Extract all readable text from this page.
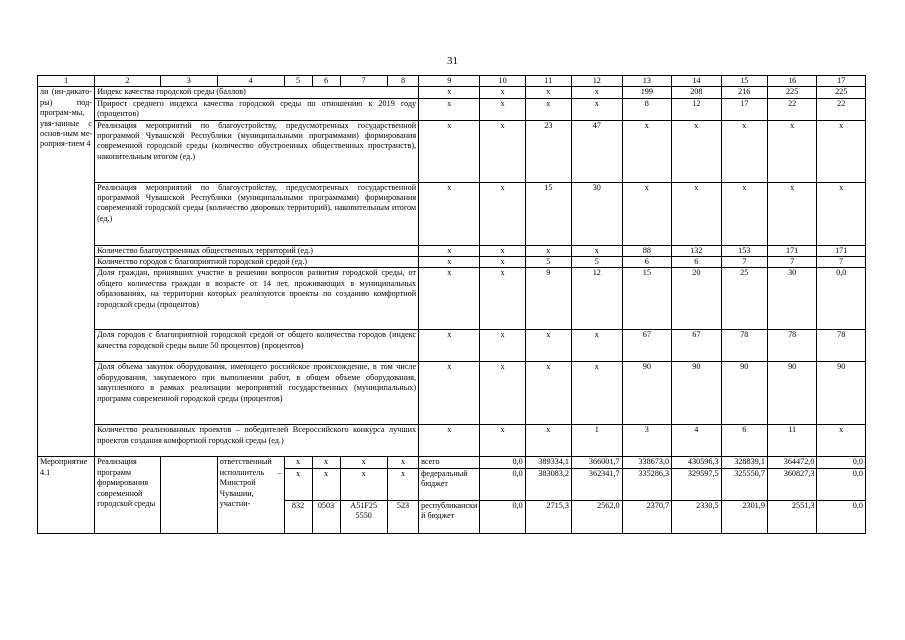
31
1	2	3	4	5	6	7	8	9	10	11	12	13	14	15	16	17
ли (ин-дикато-ры) под-програм-мы, увя-занные с основ-ным ме-роприя-тием 4	Индекс качества городской среды (баллов)							x	x	x	x	199	208	216	225	225
	Прирост среднего индекса качества городской среды по отношению к 2019 году (процентов)							x	x	x	x	8	12	17	22	22
	Реализация мероприятий по благоустройству, предусмотренных государственной программой Чувашской Республики (муниципальными программами) формирования современной городской среды (количество обустроенных общественных пространств), накопительным итогом (ед.)							x	x	23	47	x	x	x	x	x
	Реализация мероприятий по благоустройству, предусмотренных государственной программой Чувашской Республики (муниципальными программами) формирования современной городской среды (количество дворовых территорий), накопительным итогом (ед.)							x	x	15	30	x	x	x	x	x
	Количество благоустроенных общественных территорий (ед.)							x	x	x	x	88	132	153	171	171
	Количество городов с благоприятной городской средой (ед.)							x	x	5	5	6	6	7	7	7
	Доля граждан, принявших участие в решении вопросов развития городской среды, от общего количества граждан в возрасте от 14 лет, проживающих в муниципальных образованиях, на территории которых реализуются проекты по созданию комфортной городской среды (процентов)							x	x	9	12	15	20	25	30	0,0
	Доля городов с благоприятной городской средой от общего количества городов (индекс качества городской среды выше 50 процентов) (процентов)							x	x	x	x	67	67	78	78	78
	Доля объема закупок оборудования, имеющего российское происхождение, в том числе оборудования, закупаемого при выполнении работ, в общем объеме оборудования, закупленного в рамках реализации мероприятий государственных (муниципальных) программ современной городской среды (процентов)							x	x	x	x	90	90	90	90	90
	Количество реализованных проектов – победителей Всероссийского конкурса лучших проектов создания комфортной городской среды (ед.)							x	x	x	1	3	4	6	11	x
Мероприятие 4.1	Реализация программ формирования современной городской среды		ответственный исполнитель – Минстрой Чувашии, участни-	x	x	x	x	всего	0,0	389334,1	366001,7	338673,0	430596,3	328839,1	364472,0	0,0
				x	x	x	x	федеральный бюджет	0,0	383083,2	362341,7	335286,3	329597,5	325550,7	360827,3	0,0
				832	0503	A51F25 5550	523	республиканский бюджет	0,0	2715,3	2562,0	2370,7	2330,5	2301,9	2551,3	0,0
